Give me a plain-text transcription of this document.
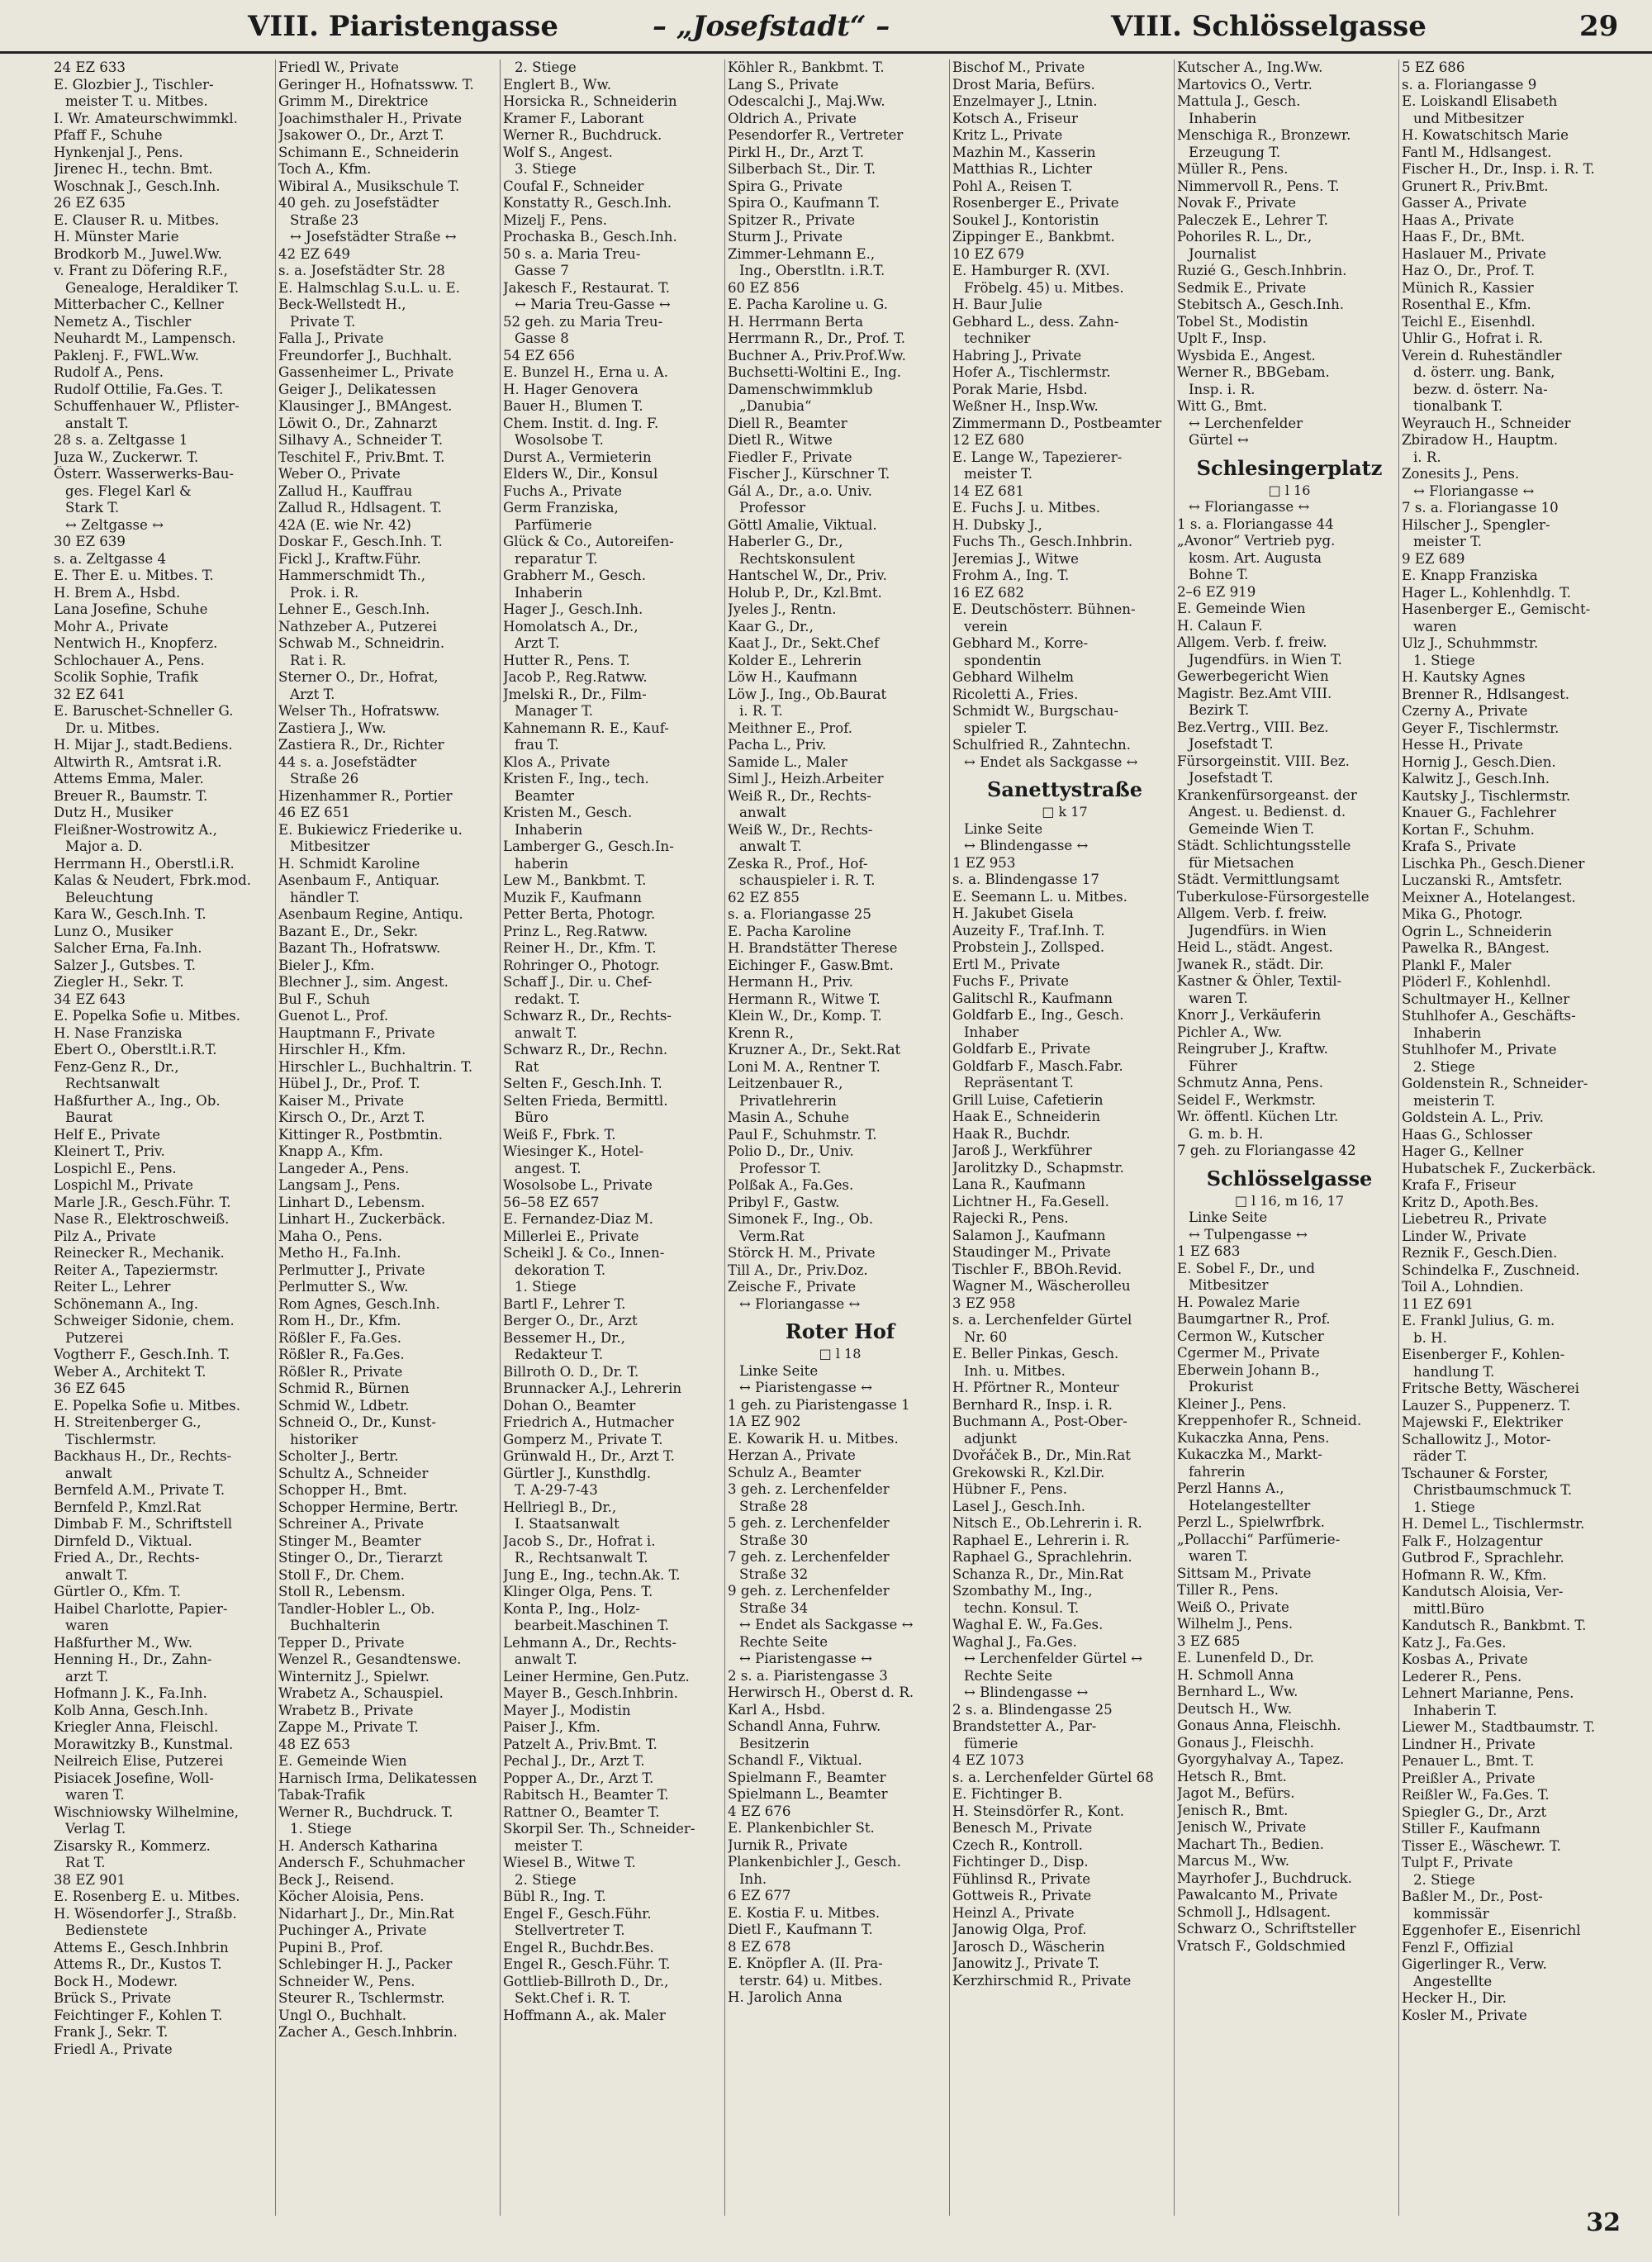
VIII. Piaristengasse	– „Josefstadt“ –	VIII. Schlösselgasse	29
24 EZ 633
E. Glozbier J., Tischler-
meister T. u. Mitbes.
I. Wr. Amateurschwimmkl.
Pfaff F., Schuhe
Hynkenjal J., Pens.
Jirenec H., techn. Bmt.
Woschnak J., Gesch.Inh.
26 EZ 635
E. Clauser R. u. Mitbes.
H. Münster Marie
Brodkorb M., Juwel.Ww.
v. Frant zu Döfering R.F.,
Genealoge, Heraldiker T.
Mitterbacher C., Kellner
Nemetz A., Tischler
Neuhardt M., Lampensch.
Paklenj. F., FWL.Ww.
Rudolf A., Pens.
Rudolf Ottilie, Fa.Ges. T.
Schuffenhauer W., Pflister-
anstalt T.
28 s. a. Zeltgasse 1
Juza W., Zuckerwr. T.
Österr. Wasserwerks-Bau-
ges. Flegel Karl &
Stark T.
↔ Zeltgasse ↔
30 EZ 639
s. a. Zeltgasse 4
E. Ther E. u. Mitbes. T.
H. Brem A., Hsbd.
Lana Josefine, Schuhe
Mohr A., Private
Nentwich H., Knopferz.
Schlochauer A., Pens.
Scolik Sophie, Trafik
32 EZ 641
E. Baruschet-Schneller G.
Dr. u. Mitbes.
H. Mijar J., stadt.Bediens.
Altwirth R., Amtsrat i.R.
Attems Emma, Maler.
Breuer R., Baumstr. T.
Dutz H., Musiker
Fleißner-Wostrowitz A.,
Major a. D.
Herrmann H., Oberstl.i.R.
Kalas & Neudert, Fbrk.mod.
Beleuchtung
Kara W., Gesch.Inh. T.
Lunz O., Musiker
Salcher Erna, Fa.Inh.
Salzer J., Gutsbes. T.
Ziegler H., Sekr. T.
34 EZ 643
E. Popelka Sofie u. Mitbes.
H. Nase Franziska
Ebert O., Oberstlt.i.R.T.
Fenz-Genz R., Dr.,
Rechtsanwalt
Haßfurther A., Ing., Ob.
Baurat
Helf E., Private
Kleinert T., Priv.
Lospichl E., Pens.
Lospichl M., Private
Marle J.R., Gesch.Führ. T.
Nase R., Elektroschweiß.
Pilz A., Private
Reinecker R., Mechanik.
Reiter A., Tapeziermstr.
Reiter L., Lehrer
Schönemann A., Ing.
Schweiger Sidonie, chem.
Putzerei
Vogtherr F., Gesch.Inh. T.
Weber A., Architekt T.
36 EZ 645
E. Popelka Sofie u. Mitbes.
H. Streitenberger G.,
Tischlermstr.
Backhaus H., Dr., Rechts-
anwalt
Bernfeld A.M., Private T.
Bernfeld P., Kmzl.Rat
Dimbab F. M., Schriftstell
Dirnfeld D., Viktual.
Fried A., Dr., Rechts-
anwalt T.
Gürtler O., Kfm. T.
Haibel Charlotte, Papier-
waren
Haßfurther M., Ww.
Henning H., Dr., Zahn-
arzt T.
Hofmann J. K., Fa.Inh.
Kolb Anna, Gesch.Inh.
Kriegler Anna, Fleischl.
Morawitzky B., Kunstmal.
Neilreich Elise, Putzerei
Pisiacek Josefine, Woll-
waren T.
Wischniowsky Wilhelmine,
Verlag T.
Zisarsky R., Kommerz.
Rat T.
38 EZ 901
E. Rosenberg E. u. Mitbes.
H. Wösendorfer J., Straßb.
Bedienstete
Attems E., Gesch.Inhbrin
Attems R., Dr., Kustos T.
Bock H., Modewr.
Brück S., Private
Feichtinger F., Kohlen T.
Frank J., Sekr. T.
Friedl A., Private
Friedl W., Private
Geringer H., Hofnatssww. T.
Grimm M., Direktrice
Joachimsthaler H., Private
Jsakower O., Dr., Arzt T.
Schimann E., Schneiderin
Toch A., Kfm.
Wibiral A., Musikschule T.
40 geh. zu Josefstädter
Straße 23
↔ Josefstädter Straße ↔
42 EZ 649
s. a. Josefstädter Str. 28
E. Halmschlag S.u.L. u. E.
Beck-Wellstedt H.,
Private T.
Falla J., Private
Freundorfer J., Buchhalt.
Gassenheimer L., Private
Geiger J., Delikatessen
Klausinger J., BMAngest.
Löwit O., Dr., Zahnarzt
Silhavy A., Schneider T.
Teschitel F., Priv.Bmt. T.
Weber O., Private
Zallud H., Kauffrau
Zallud R., Hdlsagent. T.
42A (E. wie Nr. 42)
Doskar F., Gesch.Inh. T.
Fickl J., Kraftw.Führ.
Hammerschmidt Th.,
Prok. i. R.
Lehner E., Gesch.Inh.
Nathzeber A., Putzerei
Schwab M., Schneidrin.
Rat i. R.
Sterner O., Dr., Hofrat,
Arzt T.
Welser Th., Hofratsww.
Zastiera J., Ww.
Zastiera R., Dr., Richter
44 s. a. Josefstädter
Straße 26
Hizenhammer R., Portier
46 EZ 651
E. Bukiewicz Friederike u.
Mitbesitzer
H. Schmidt Karoline
Asenbaum F., Antiquar.
händler T.
Asenbaum Regine, Antiqu.
Bazant E., Dr., Sekr.
Bazant Th., Hofratsww.
Bieler J., Kfm.
Blechner J., sim. Angest.
Bul F., Schuh
Guenot L., Prof.
Hauptmann F., Private
Hirschler H., Kfm.
Hirschler L., Buchhaltrin. T.
Hübel J., Dr., Prof. T.
Kaiser M., Private
Kirsch O., Dr., Arzt T.
Kittinger R., Postbmtin.
Knapp A., Kfm.
Langeder A., Pens.
Langsam J., Pens.
Linhart D., Lebensm.
Linhart H., Zuckerbäck.
Maha O., Pens.
Metho H., Fa.Inh.
Perlmutter J., Private
Perlmutter S., Ww.
Rom Agnes, Gesch.Inh.
Rom H., Dr., Kfm.
Rößler F., Fa.Ges.
Rößler R., Fa.Ges.
Rößler R., Private
Schmid R., Bürnen
Schmid W., Ldbetr.
Schneid O., Dr., Kunst-
historiker
Scholter J., Bertr.
Schultz A., Schneider
Schopper H., Bmt.
Schopper Hermine, Bertr.
Schreiner A., Private
Stinger M., Beamter
Stinger O., Dr., Tierarzt
Stoll F., Dr. Chem.
Stoll R., Lebensm.
Tandler-Hobler L., Ob.
Buchhalterin
Tepper D., Private
Wenzel R., Gesandtenswe.
Winternitz J., Spielwr.
Wrabetz A., Schauspiel.
Wrabetz B., Private
Zappe M., Private T.
48 EZ 653
E. Gemeinde Wien
Harnisch Irma, Delikatessen
Tabak-Trafik
Werner R., Buchdruck. T.
1. Stiege
H. Andersch Katharina
Andersch F., Schuhmacher
Beck J., Reisend.
Köcher Aloisia, Pens.
Nidarhart J., Dr., Min.Rat
Puchinger A., Private
Pupini B., Prof.
Schlebinger H. J., Packer
Schneider W., Pens.
Steurer R., Tschlermstr.
Ungl O., Buchhalt.
Zacher A., Gesch.Inhbrin.
2. Stiege
Englert B., Ww.
Horsicka R., Schneiderin
Kramer F., Laborant
Werner R., Buchdruck.
Wolf S., Angest.
3. Stiege
Coufal F., Schneider
Konstatty R., Gesch.Inh.
Mizelj F., Pens.
Prochaska B., Gesch.Inh.
50 s. a. Maria Treu-
Gasse 7
Jakesch F., Restaurat. T.
↔ Maria Treu-Gasse ↔
52 geh. zu Maria Treu-
Gasse 8
54 EZ 656
E. Bunzel H., Erna u. A.
H. Hager Genovera
Bauer H., Blumen T.
Chem. Instit. d. Ing. F.
Wosolsobe T.
Durst A., Vermieterin
Elders W., Dir., Konsul
Fuchs A., Private
Germ Franziska,
Parfümerie
Glück & Co., Autoreifen-
reparatur T.
Grabherr M., Gesch.
Inhaberin
Hager J., Gesch.Inh.
Homolatsch A., Dr.,
Arzt T.
Hutter R., Pens. T.
Jacob P., Reg.Ratww.
Jmelski R., Dr., Film-
Manager T.
Kahnemann R. E., Kauf-
frau T.
Klos A., Private
Kristen F., Ing., tech.
Beamter
Kristen M., Gesch.
Inhaberin
Lamberger G., Gesch.In-
haberin
Lew M., Bankbmt. T.
Muzik F., Kaufmann
Petter Berta, Photogr.
Prinz L., Reg.Ratww.
Reiner H., Dr., Kfm. T.
Rohringer O., Photogr.
Schaff J., Dir. u. Chef-
redakt. T.
Schwarz R., Dr., Rechts-
anwalt T.
Schwarz R., Dr., Rechn.
Rat
Selten F., Gesch.Inh. T.
Selten Frieda, Bermittl.
Büro
Weiß F., Fbrk. T.
Wiesinger K., Hotel-
angest. T.
Wosolsobe L., Private
56–58 EZ 657
E. Fernandez-Diaz M.
Millerlei E., Private
Scheikl J. & Co., Innen-
dekoration T.
1. Stiege
Bartl F., Lehrer T.
Berger O., Dr., Arzt
Bessemer H., Dr.,
Redakteur T.
Billroth O. D., Dr. T.
Brunnacker A.J., Lehrerin
Dohan O., Beamter
Friedrich A., Hutmacher
Gomperz M., Private T.
Grünwald H., Dr., Arzt T.
Gürtler J., Kunsthdlg.
T. A-29-7-43
Hellriegl B., Dr.,
I. Staatsanwalt
Jacob S., Dr., Hofrat i.
R., Rechtsanwalt T.
Jung E., Ing., techn.Ak. T.
Klinger Olga, Pens. T.
Konta P., Ing., Holz-
bearbeit.Maschinen T.
Lehmann A., Dr., Rechts-
anwalt T.
Leiner Hermine, Gen.Putz.
Mayer B., Gesch.Inhbrin.
Mayer J., Modistin
Paiser J., Kfm.
Patzelt A., Priv.Bmt. T.
Pechal J., Dr., Arzt T.
Popper A., Dr., Arzt T.
Rabitsch H., Beamter T.
Rattner O., Beamter T.
Skorpil Ser. Th., Schneider-
meister T.
Wiesel B., Witwe T.
2. Stiege
Bübl R., Ing. T.
Engel F., Gesch.Führ.
Stellvertreter T.
Engel R., Buchdr.Bes.
Engel R., Gesch.Führ. T.
Gottlieb-Billroth D., Dr.,
Sekt.Chef i. R. T.
Hoffmann A., ak. Maler
Köhler R., Bankbmt. T.
Lang S., Private
Odescalchi J., Maj.Ww.
Oldrich A., Private
Pesendorfer R., Vertreter
Pirkl H., Dr., Arzt T.
Silberbach St., Dir. T.
Spira G., Private
Spira O., Kaufmann T.
Spitzer R., Private
Sturm J., Private
Zimmer-Lehmann E.,
Ing., Oberstltn. i.R.T.
60 EZ 856
E. Pacha Karoline u. G.
H. Herrmann Berta
Herrmann R., Dr., Prof. T.
Buchner A., Priv.Prof.Ww.
Buchsetti-Woltini E., Ing.
Damenschwimmklub
„Danubia“
Diell R., Beamter
Dietl R., Witwe
Fiedler F., Private
Fischer J., Kürschner T.
Gál A., Dr., a.o. Univ.
Professor
Göttl Amalie, Viktual.
Haberler G., Dr.,
Rechtskonsulent
Hantschel W., Dr., Priv.
Holub P., Dr., Kzl.Bmt.
Jyeles J., Rentn.
Kaar G., Dr.,
Kaat J., Dr., Sekt.Chef
Kolder E., Lehrerin
Löw H., Kaufmann
Löw J., Ing., Ob.Baurat
i. R. T.
Meithner E., Prof.
Pacha L., Priv.
Samide L., Maler
Siml J., Heizh.Arbeiter
Weiß R., Dr., Rechts-
anwalt
Weiß W., Dr., Rechts-
anwalt T.
Zeska R., Prof., Hof-
schauspieler i. R. T.
62 EZ 855
s. a. Floriangasse 25
E. Pacha Karoline
H. Brandstätter Therese
Eichinger F., Gasw.Bmt.
Hermann H., Priv.
Hermann R., Witwe T.
Klein W., Dr., Komp. T.
Krenn R.,
Kruzner A., Dr., Sekt.Rat
Loni M. A., Rentner T.
Leitzenbauer R.,
Privatlehrerin
Masin A., Schuhe
Paul F., Schuhmstr. T.
Polio D., Dr., Univ.
Professor T.
Polßak A., Fa.Ges.
Pribyl F., Gastw.
Simonek F., Ing., Ob.
Verm.Rat
Störck H. M., Private
Till A., Dr., Priv.Doz.
Zeische F., Private
↔ Floriangasse ↔
Roter Hof
□ l 18
Linke Seite
↔ Piaristengasse ↔
1 geh. zu Piaristengasse 1
1A EZ 902
E. Kowarik H. u. Mitbes.
Herzan A., Private
Schulz A., Beamter
3 geh. z. Lerchenfelder
Straße 28
5 geh. z. Lerchenfelder
Straße 30
7 geh. z. Lerchenfelder
Straße 32
9 geh. z. Lerchenfelder
Straße 34
↔ Endet als Sackgasse ↔
Rechte Seite
↔ Piaristengasse ↔
2 s. a. Piaristengasse 3
Herwirsch H., Oberst d. R.
Karl A., Hsbd.
Schandl Anna, Fuhrw.
Besitzerin
Schandl F., Viktual.
Spielmann F., Beamter
Spielmann L., Beamter
4 EZ 676
E. Plankenbichler St.
Jurnik R., Private
Plankenbichler J., Gesch.
Inh.
6 EZ 677
E. Kostia F. u. Mitbes.
Dietl F., Kaufmann T.
8 EZ 678
E. Knöpfler A. (II. Pra-
terstr. 64) u. Mitbes.
H. Jarolich Anna
Bischof M., Private
Drost Maria, Befürs.
Enzelmayer J., Ltnin.
Kotsch A., Friseur
Kritz L., Private
Mazhin M., Kasserin
Matthias R., Lichter
Pohl A., Reisen T.
Rosenberger E., Private
Soukel J., Kontoristin
Zippinger E., Bankbmt.
10 EZ 679
E. Hamburger R. (XVI.
Fröbelg. 45) u. Mitbes.
H. Baur Julie
Gebhard L., dess. Zahn-
techniker
Habring J., Private
Hofer A., Tischlermstr.
Porak Marie, Hsbd.
Weßner H., Insp.Ww.
Zimmermann D., Postbeamter
12 EZ 680
E. Lange W., Tapezierer-
meister T.
14 EZ 681
E. Fuchs J. u. Mitbes.
H. Dubsky J.,
Fuchs Th., Gesch.Inhbrin.
Jeremias J., Witwe
Frohm A., Ing. T.
16 EZ 682
E. Deutschösterr. Bühnen-
verein
Gebhard M., Korre-
spondentin
Gebhard Wilhelm
Ricoletti A., Fries.
Schmidt W., Burgschau-
spieler T.
Schulfried R., Zahntechn.
↔ Endet als Sackgasse ↔
Sanettystraße
□ k 17
Linke Seite
↔ Blindengasse ↔
1 EZ 953
s. a. Blindengasse 17
E. Seemann L. u. Mitbes.
H. Jakubet Gisela
Auzeity F., Traf.Inh. T.
Probstein J., Zollsped.
Ertl M., Private
Fuchs F., Private
Galitschl R., Kaufmann
Goldfarb E., Ing., Gesch.
Inhaber
Goldfarb E., Private
Goldfarb F., Masch.Fabr.
Repräsentant T.
Grill Luise, Cafetierin
Haak E., Schneiderin
Haak R., Buchdr.
Jaroß J., Werkführer
Jarolitzky D., Schapmstr.
Lana R., Kaufmann
Lichtner H., Fa.Gesell.
Rajecki R., Pens.
Salamon J., Kaufmann
Staudinger M., Private
Tischler F., BBOh.Revid.
Wagner M., Wäscherolleu
3 EZ 958
s. a. Lerchenfelder Gürtel
Nr. 60
E. Beller Pinkas, Gesch.
Inh. u. Mitbes.
H. Pförtner R., Monteur
Bernhard R., Insp. i. R.
Buchmann A., Post-Ober-
adjunkt
Dvořáček B., Dr., Min.Rat
Grekowski R., Kzl.Dir.
Hübner F., Pens.
Lasel J., Gesch.Inh.
Nitsch E., Ob.Lehrerin i. R.
Raphael E., Lehrerin i. R.
Raphael G., Sprachlehrin.
Schanza R., Dr., Min.Rat
Szombathy M., Ing.,
techn. Konsul. T.
Waghal E. W., Fa.Ges.
Waghal J., Fa.Ges.
↔ Lerchenfelder Gürtel ↔
Rechte Seite
↔ Blindengasse ↔
2 s. a. Blindengasse 25
Brandstetter A., Par-
fümerie
4 EZ 1073
s. a. Lerchenfelder Gürtel 68
E. Fichtinger B.
H. Steinsdörfer R., Kont.
Benesch M., Private
Czech R., Kontroll.
Fichtinger D., Disp.
Fühlinsd R., Private
Gottweis R., Private
Heinzl A., Private
Janowig Olga, Prof.
Jarosch D., Wäscherin
Janowitz J., Private T.
Kerzhirschmid R., Private
Kutscher A., Ing.Ww.
Martovics O., Vertr.
Mattula J., Gesch.
Inhaberin
Menschiga R., Bronzewr.
Erzeugung T.
Müller R., Pens.
Nimmervoll R., Pens. T.
Novak F., Private
Paleczek E., Lehrer T.
Pohoriles R. L., Dr.,
Journalist
Ruzié G., Gesch.Inhbrin.
Sedmik E., Private
Stebitsch A., Gesch.Inh.
Tobel St., Modistin
Uplt F., Insp.
Wysbida E., Angest.
Werner R., BBGebam.
Insp. i. R.
Witt G., Bmt.
↔ Lerchenfelder
Gürtel ↔
Schlesingerplatz
□ l 16
↔ Floriangasse ↔
1 s. a. Floriangasse 44
„Avonor“ Vertrieb pyg.
kosm. Art. Augusta
Bohne T.
2–6 EZ 919
E. Gemeinde Wien
H. Calaun F.
Allgem. Verb. f. freiw.
Jugendfürs. in Wien T.
Gewerbegericht Wien
Magistr. Bez.Amt VIII.
Bezirk T.
Bez.Vertrg., VIII. Bez.
Josefstadt T.
Fürsorgeinstit. VIII. Bez.
Josefstadt T.
Krankenfürsorgeanst. der
Angest. u. Bedienst. d.
Gemeinde Wien T.
Städt. Schlichtungsstelle
für Mietsachen
Städt. Vermittlungsamt
Tuberkulose-Fürsorgestelle
Allgem. Verb. f. freiw.
Jugendfürs. in Wien
Heid L., städt. Angest.
Jwanek R., städt. Dir.
Kastner & Öhler, Textil-
waren T.
Knorr J., Verkäuferin
Pichler A., Ww.
Reingruber J., Kraftw.
Führer
Schmutz Anna, Pens.
Seidel F., Werkmstr.
Wr. öffentl. Küchen Ltr.
G. m. b. H.
7 geh. zu Floriangasse 42
Schlösselgasse
□ l 16, m 16, 17
Linke Seite
↔ Tulpengasse ↔
1 EZ 683
E. Sobel F., Dr., und
Mitbesitzer
H. Powalez Marie
Baumgartner R., Prof.
Cermon W., Kutscher
Cgermer M., Private
Eberwein Johann B.,
Prokurist
Kleiner J., Pens.
Kreppenhofer R., Schneid.
Kukaczka Anna, Pens.
Kukaczka M., Markt-
fahrerin
Perzl Hanns A.,
Hotelangestellter
Perzl L., Spielwrfbrk.
„Pollacchi“ Parfümerie-
waren T.
Sittsam M., Private
Tiller R., Pens.
Weiß O., Private
Wilhelm J., Pens.
3 EZ 685
E. Lunenfeld D., Dr.
H. Schmoll Anna
Bernhard L., Ww.
Deutsch H., Ww.
Gonaus Anna, Fleischh.
Gonaus J., Fleischh.
Gyorgyhalvay A., Tapez.
Hetsch R., Bmt.
Jagot M., Befürs.
Jenisch R., Bmt.
Jenisch W., Private
Machart Th., Bedien.
Marcus M., Ww.
Mayrhofer J., Buchdruck.
Pawalcanto M., Private
Schmoll J., Hdlsagent.
Schwarz O., Schriftsteller
Vratsch F., Goldschmied
5 EZ 686
s. a. Floriangasse 9
E. Loiskandl Elisabeth
und Mitbesitzer
H. Kowatschitsch Marie
Fantl M., Hdlsangest.
Fischer H., Dr., Insp. i. R. T.
Grunert R., Priv.Bmt.
Gasser A., Private
Haas A., Private
Haas F., Dr., BMt.
Haslauer M., Private
Haz O., Dr., Prof. T.
Münich R., Kassier
Rosenthal E., Kfm.
Teichl E., Eisenhdl.
Uhlir G., Hofrat i. R.
Verein d. Ruheständler
d. österr. ung. Bank,
bezw. d. österr. Na-
tionalbank T.
Weyrauch H., Schneider
Zbiradow H., Hauptm.
i. R.
Zonesits J., Pens.
↔ Floriangasse ↔
7 s. a. Floriangasse 10
Hilscher J., Spengler-
meister T.
9 EZ 689
E. Knapp Franziska
Hager L., Kohlenhdlg. T.
Hasenberger E., Gemischt-
waren
Ulz J., Schuhmmstr.
1. Stiege
H. Kautsky Agnes
Brenner R., Hdlsangest.
Czerny A., Private
Geyer F., Tischlermstr.
Hesse H., Private
Hornig J., Gesch.Dien.
Kalwitz J., Gesch.Inh.
Kautsky J., Tischlermstr.
Knauer G., Fachlehrer
Kortan F., Schuhm.
Krafa S., Private
Lischka Ph., Gesch.Diener
Luczanski R., Amtsfetr.
Meixner A., Hotelangest.
Mika G., Photogr.
Ogrin L., Schneiderin
Pawelka R., BAngest.
Plankl F., Maler
Plöderl F., Kohlenhdl.
Schultmayer H., Kellner
Stuhlhofer A., Geschäfts-
Inhaberin
Stuhlhofer M., Private
2. Stiege
Goldenstein R., Schneider-
meisterin T.
Goldstein A. L., Priv.
Haas G., Schlosser
Hager G., Kellner
Hubatschek F., Zuckerbäck.
Krafa F., Friseur
Kritz D., Apoth.Bes.
Liebetreu R., Private
Linder W., Private
Reznik F., Gesch.Dien.
Schindelka F., Zuschneid.
Toil A., Lohndien.
11 EZ 691
E. Frankl Julius, G. m.
b. H.
Eisenberger F., Kohlen-
handlung T.
Fritsche Betty, Wäscherei
Lauzer S., Puppenerz. T.
Majewski F., Elektriker
Schallowitz J., Motor-
räder T.
Tschauner & Forster,
Christbaumschmuck T.
1. Stiege
H. Demel L., Tischlermstr.
Falk F., Holzagentur
Gutbrod F., Sprachlehr.
Hofmann R. W., Kfm.
Kandutsch Aloisia, Ver-
mittl.Büro
Kandutsch R., Bankbmt. T.
Katz J., Fa.Ges.
Kosbas A., Private
Lederer R., Pens.
Lehnert Marianne, Pens.
Inhaberin T.
Liewer M., Stadtbaumstr. T.
Lindner H., Private
Penauer L., Bmt. T.
Preißler A., Private
Reißler W., Fa.Ges. T.
Spiegler G., Dr., Arzt
Stiller F., Kaufmann
Tisser E., Wäschewr. T.
Tulpt F., Private
2. Stiege
Baßler M., Dr., Post-
kommissär
Eggenhofer E., Eisenrichl
Fenzl F., Offizial
Gigerlinger R., Verw.
Angestellte
Hecker H., Dir.
Kosler M., Private
32
